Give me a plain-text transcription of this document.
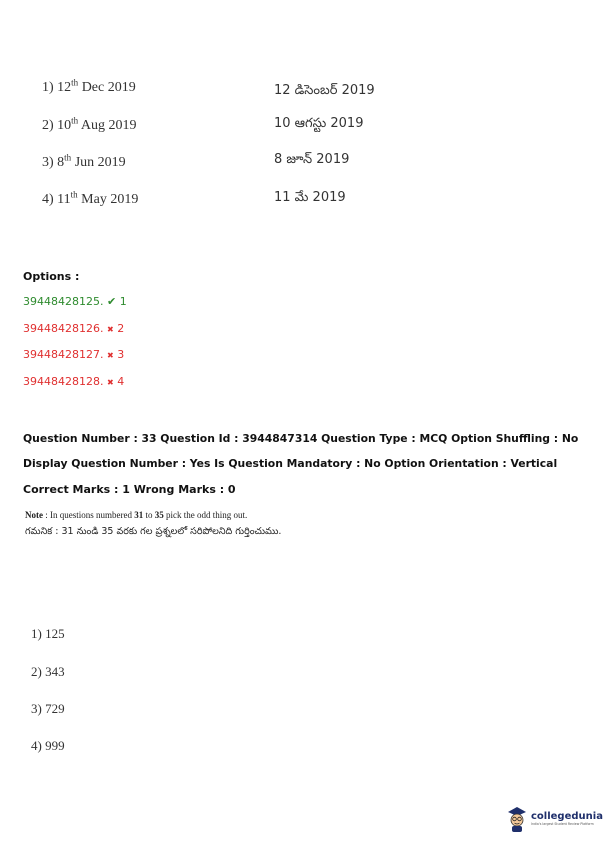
1) 12th Dec 2019	12 డిసెంబర్ 2019
2) 10th Aug 2019	10 ఆగస్టు 2019
3) 8th Jun 2019	8 జూన్ 2019
4) 11th May 2019	11 మే 2019
Options :
39448428125. ✔ 1
39448428126. ✖ 2
39448428127. ✖ 3
39448428128. ✖ 4
Question Number : 33 Question Id : 3944847314 Question Type : MCQ Option Shuffling : No
Display Question Number : Yes Is Question Mandatory : No Option Orientation : Vertical
Correct Marks : 1 Wrong Marks : 0
Note : In questions numbered 31 to 35 pick the odd thing out.
గమనిక : 31 నుండి 35 వరకు గల ప్రశ్నలలో సరిపోలనిది గుర్తించుము.
1) 125
2) 343
3) 729
4) 999
collegedunia
India's largest Student Review Platform
